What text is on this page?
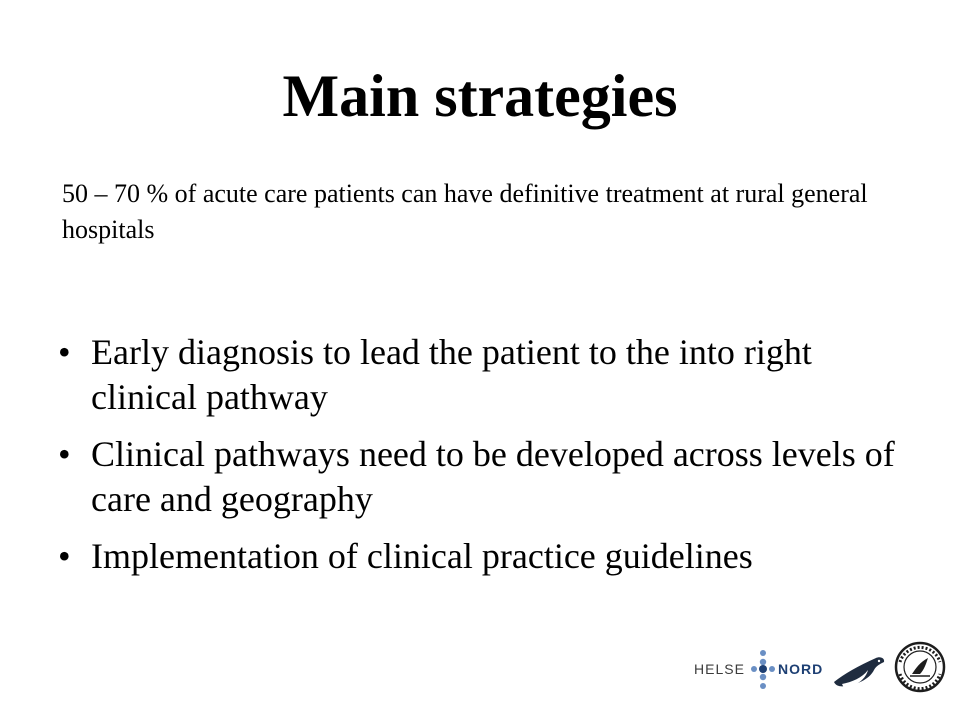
Main strategies
50 – 70 % of acute care patients can have definitive treatment at rural general hospitals
• Early diagnosis to lead the patient to the into right clinical pathway
• Clinical pathways need to be developed across levels of care and geography
• Implementation of clinical practice guidelines
HELSE NORD
